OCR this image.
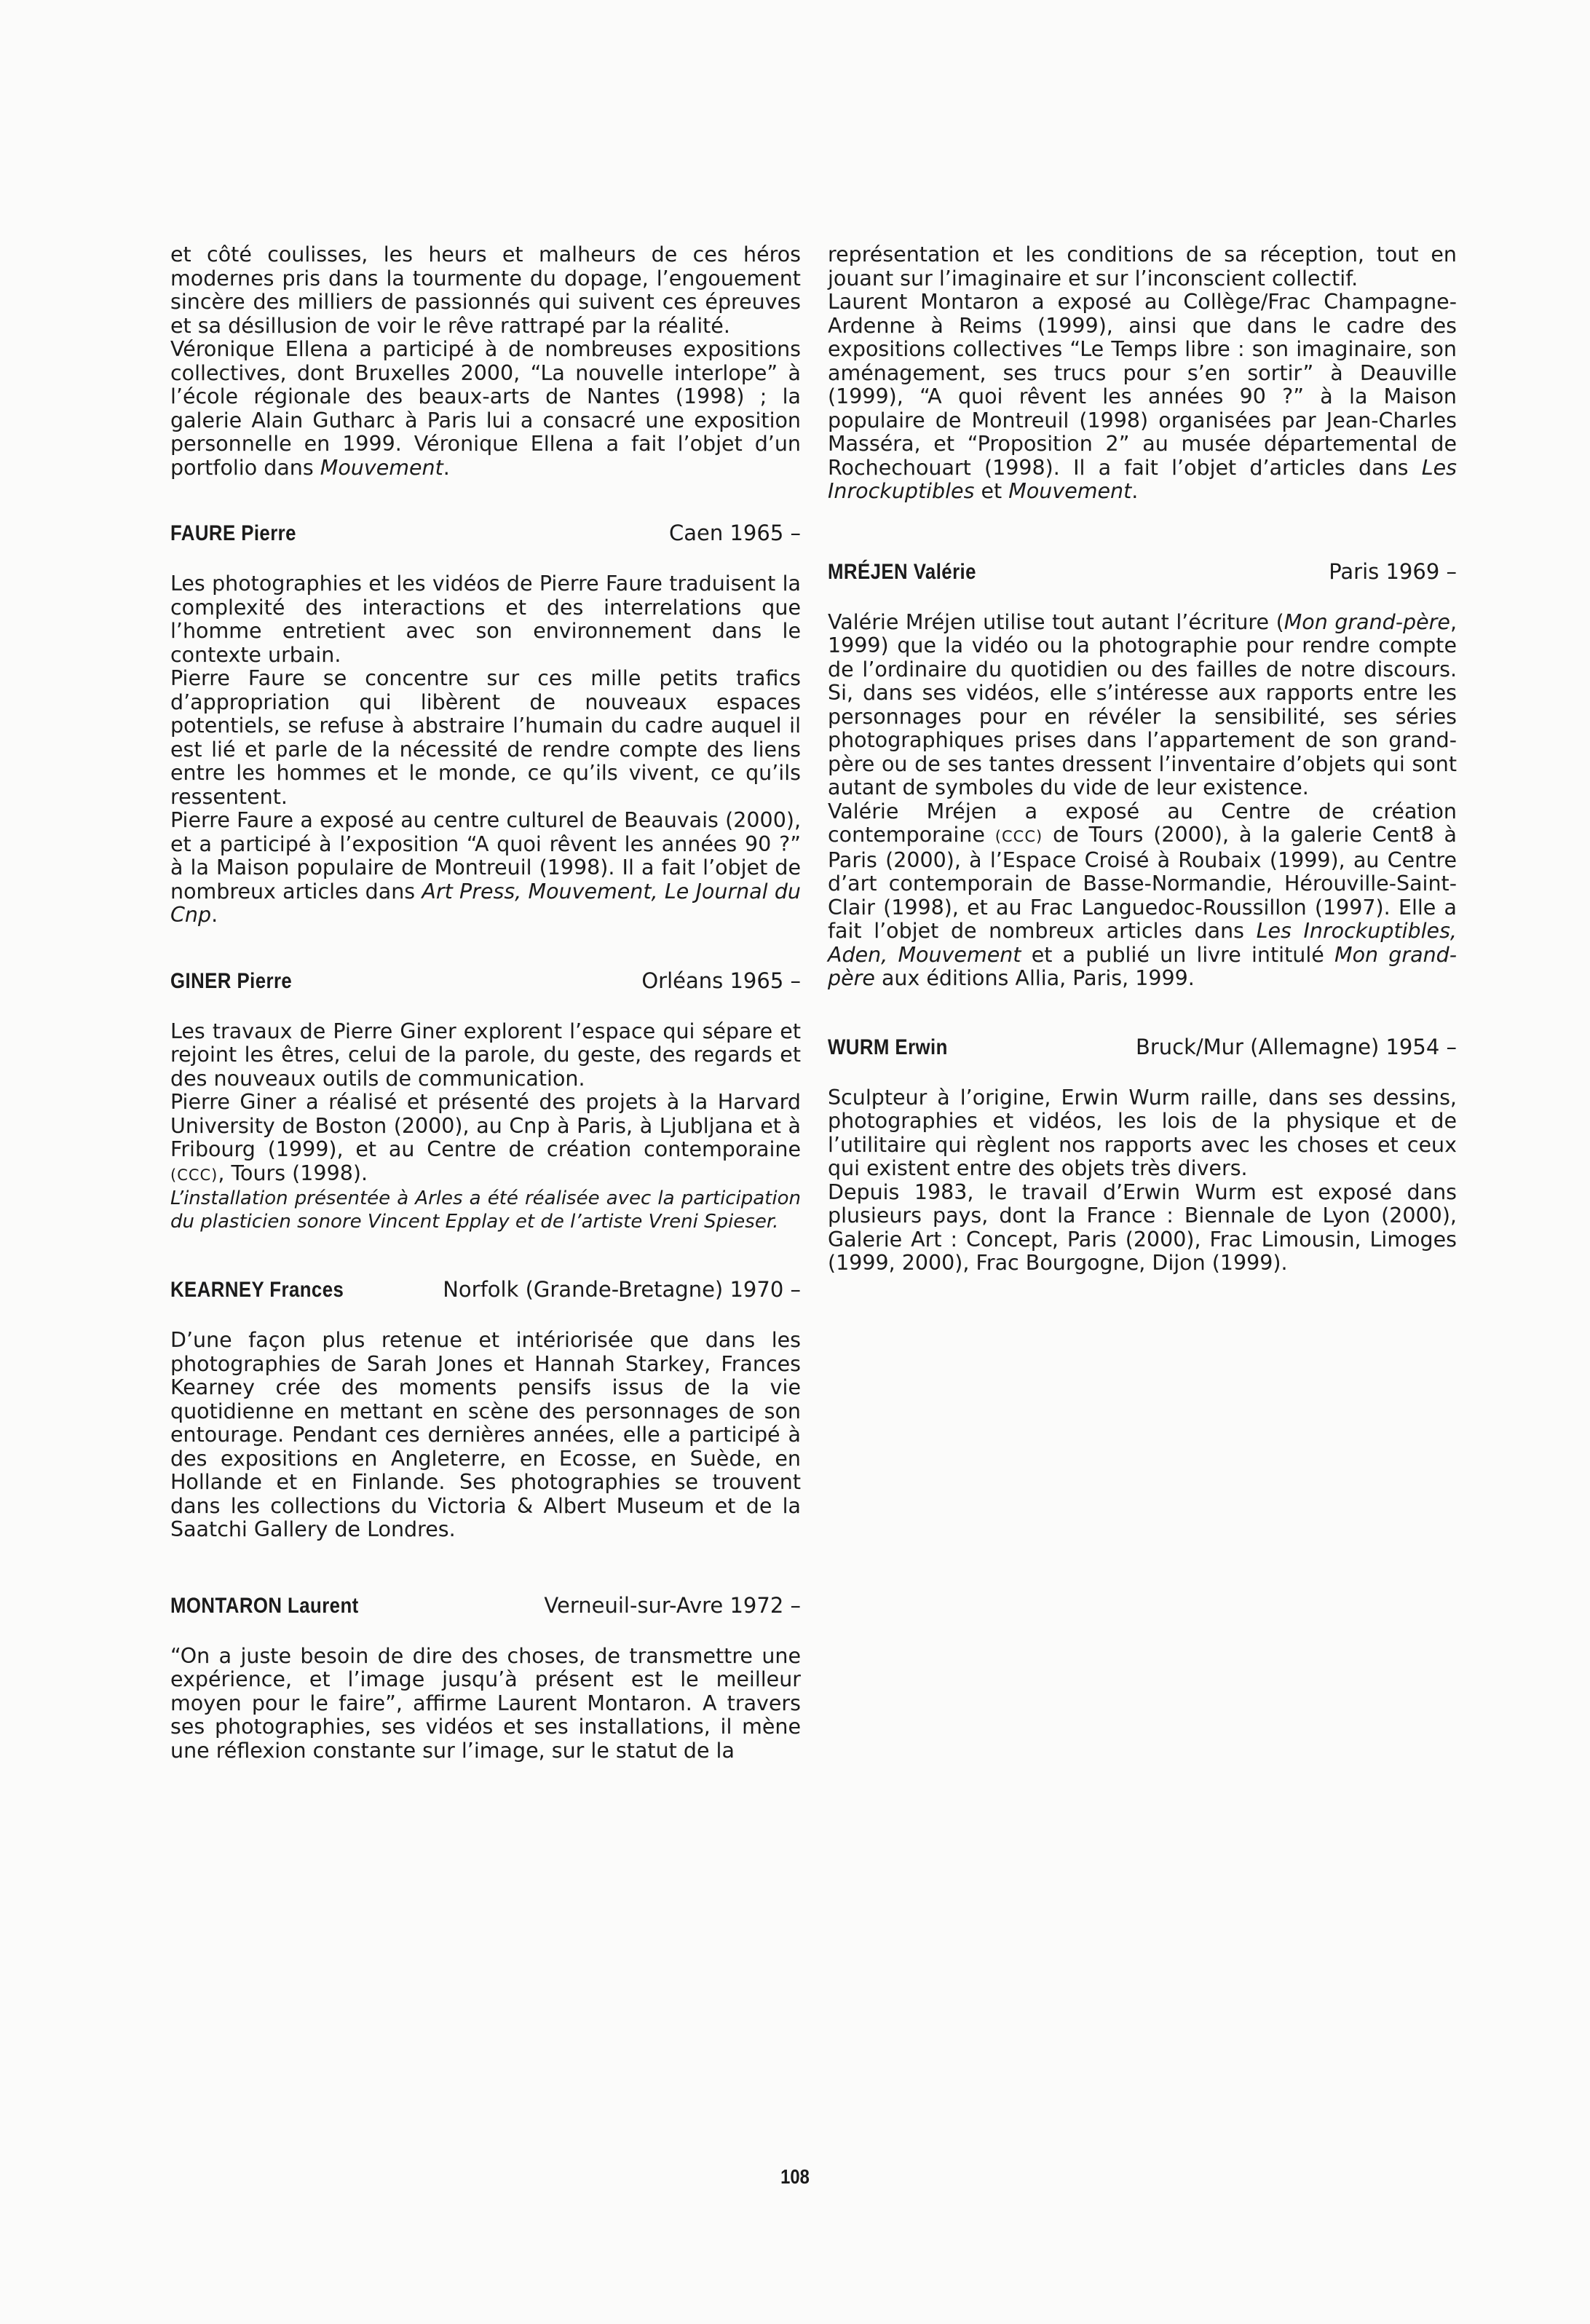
et côté coulisses, les heurs et malheurs de ces héros modernes pris dans la tourmente du dopage, l’engouement sincère des milliers de passionnés qui suivent ces épreuves et sa désillusion de voir le rêve rattrapé par la réalité.

Véronique Ellena a participé à de nombreuses expositions collectives, dont Bruxelles 2000, “La nouvelle interlope” à l’école régionale des beaux-arts de Nantes (1998) ; la galerie Alain Gutharc à Paris lui a consacré une exposition personnelle en 1999. Véronique Ellena a fait l’objet d’un portfolio dans Mouvement.

FAURE Pierre	Caen 1965 –

Les photographies et les vidéos de Pierre Faure traduisent la complexité des interactions et des interrelations que l’homme entretient avec son environnement dans le contexte urbain.

Pierre Faure se concentre sur ces mille petits trafics d’appropriation qui libèrent de nouveaux espaces potentiels, se refuse à abstraire l’humain du cadre auquel il est lié et parle de la nécessité de rendre compte des liens entre les hommes et le monde, ce qu’ils vivent, ce qu’ils ressentent.

Pierre Faure a exposé au centre culturel de Beauvais (2000), et a participé à l’exposition “A quoi rêvent les années 90 ?” à la Maison populaire de Montreuil (1998). Il a fait l’objet de nombreux articles dans Art Press, Mouvement, Le Journal du Cnp.

GINER Pierre	Orléans 1965 –

Les travaux de Pierre Giner explorent l’espace qui sépare et rejoint les êtres, celui de la parole, du geste, des regards et des nouveaux outils de communication.

Pierre Giner a réalisé et présenté des projets à la Harvard University de Boston (2000), au Cnp à Paris, à Ljubljana et à Fribourg (1999), et au Centre de création contemporaine (CCC), Tours (1998).

L’installation présentée à Arles a été réalisée avec la participation du plasticien sonore Vincent Epplay et de l’artiste Vreni Spieser.

KEARNEY Frances	Norfolk (Grande-Bretagne) 1970 –

D’une façon plus retenue et intériorisée que dans les photographies de Sarah Jones et Hannah Starkey, Frances Kearney crée des moments pensifs issus de la vie quotidienne en mettant en scène des personnages de son entourage. Pendant ces dernières années, elle a participé à des expositions en Angleterre, en Ecosse, en Suède, en Hollande et en Finlande. Ses photographies se trouvent dans les collections du Victoria & Albert Museum et de la Saatchi Gallery de Londres.

MONTARON Laurent	Verneuil-sur-Avre 1972 –

“On a juste besoin de dire des choses, de transmettre une expérience, et l’image jusqu’à présent est le meilleur moyen pour le faire”, affirme Laurent Montaron. A travers ses photographies, ses vidéos et ses installations, il mène une réflexion constante sur l’image, sur le statut de la

représentation et les conditions de sa réception, tout en jouant sur l’imaginaire et sur l’inconscient collectif.

Laurent Montaron a exposé au Collège/Frac Champagne-Ardenne à Reims (1999), ainsi que dans le cadre des expositions collectives “Le Temps libre : son imaginaire, son aménagement, ses trucs pour s’en sortir” à Deauville (1999), “A quoi rêvent les années 90 ?” à la Maison populaire de Montreuil (1998) organisées par Jean-Charles Masséra, et “Proposition 2” au musée départemental de Rochechouart (1998). Il a fait l’objet d’articles dans Les Inrockuptibles et Mouvement.

MRÉJEN Valérie	Paris 1969 –

Valérie Mréjen utilise tout autant l’écriture (Mon grand-père, 1999) que la vidéo ou la photographie pour rendre compte de l’ordinaire du quotidien ou des failles de notre discours. Si, dans ses vidéos, elle s’intéresse aux rapports entre les personnages pour en révéler la sensibilité, ses séries photographiques prises dans l’appartement de son grand-père ou de ses tantes dressent l’inventaire d’objets qui sont autant de symboles du vide de leur existence.

Valérie Mréjen a exposé au Centre de création contemporaine (CCC) de Tours (2000), à la galerie Cent8 à Paris (2000), à l’Espace Croisé à Roubaix (1999), au Centre d’art contemporain de Basse-Normandie, Hérouville-Saint-Clair (1998), et au Frac Languedoc-Roussillon (1997). Elle a fait l’objet de nombreux articles dans Les Inrockuptibles, Aden, Mouvement et a publié un livre intitulé Mon grand-père aux éditions Allia, Paris, 1999.

WURM Erwin	Bruck/Mur (Allemagne) 1954 –

Sculpteur à l’origine, Erwin Wurm raille, dans ses dessins, photographies et vidéos, les lois de la physique et de l’utilitaire qui règlent nos rapports avec les choses et ceux qui existent entre des objets très divers.

Depuis 1983, le travail d’Erwin Wurm est exposé dans plusieurs pays, dont la France : Biennale de Lyon (2000), Galerie Art : Concept, Paris (2000), Frac Limousin, Limoges (1999, 2000), Frac Bourgogne, Dijon (1999).

108
